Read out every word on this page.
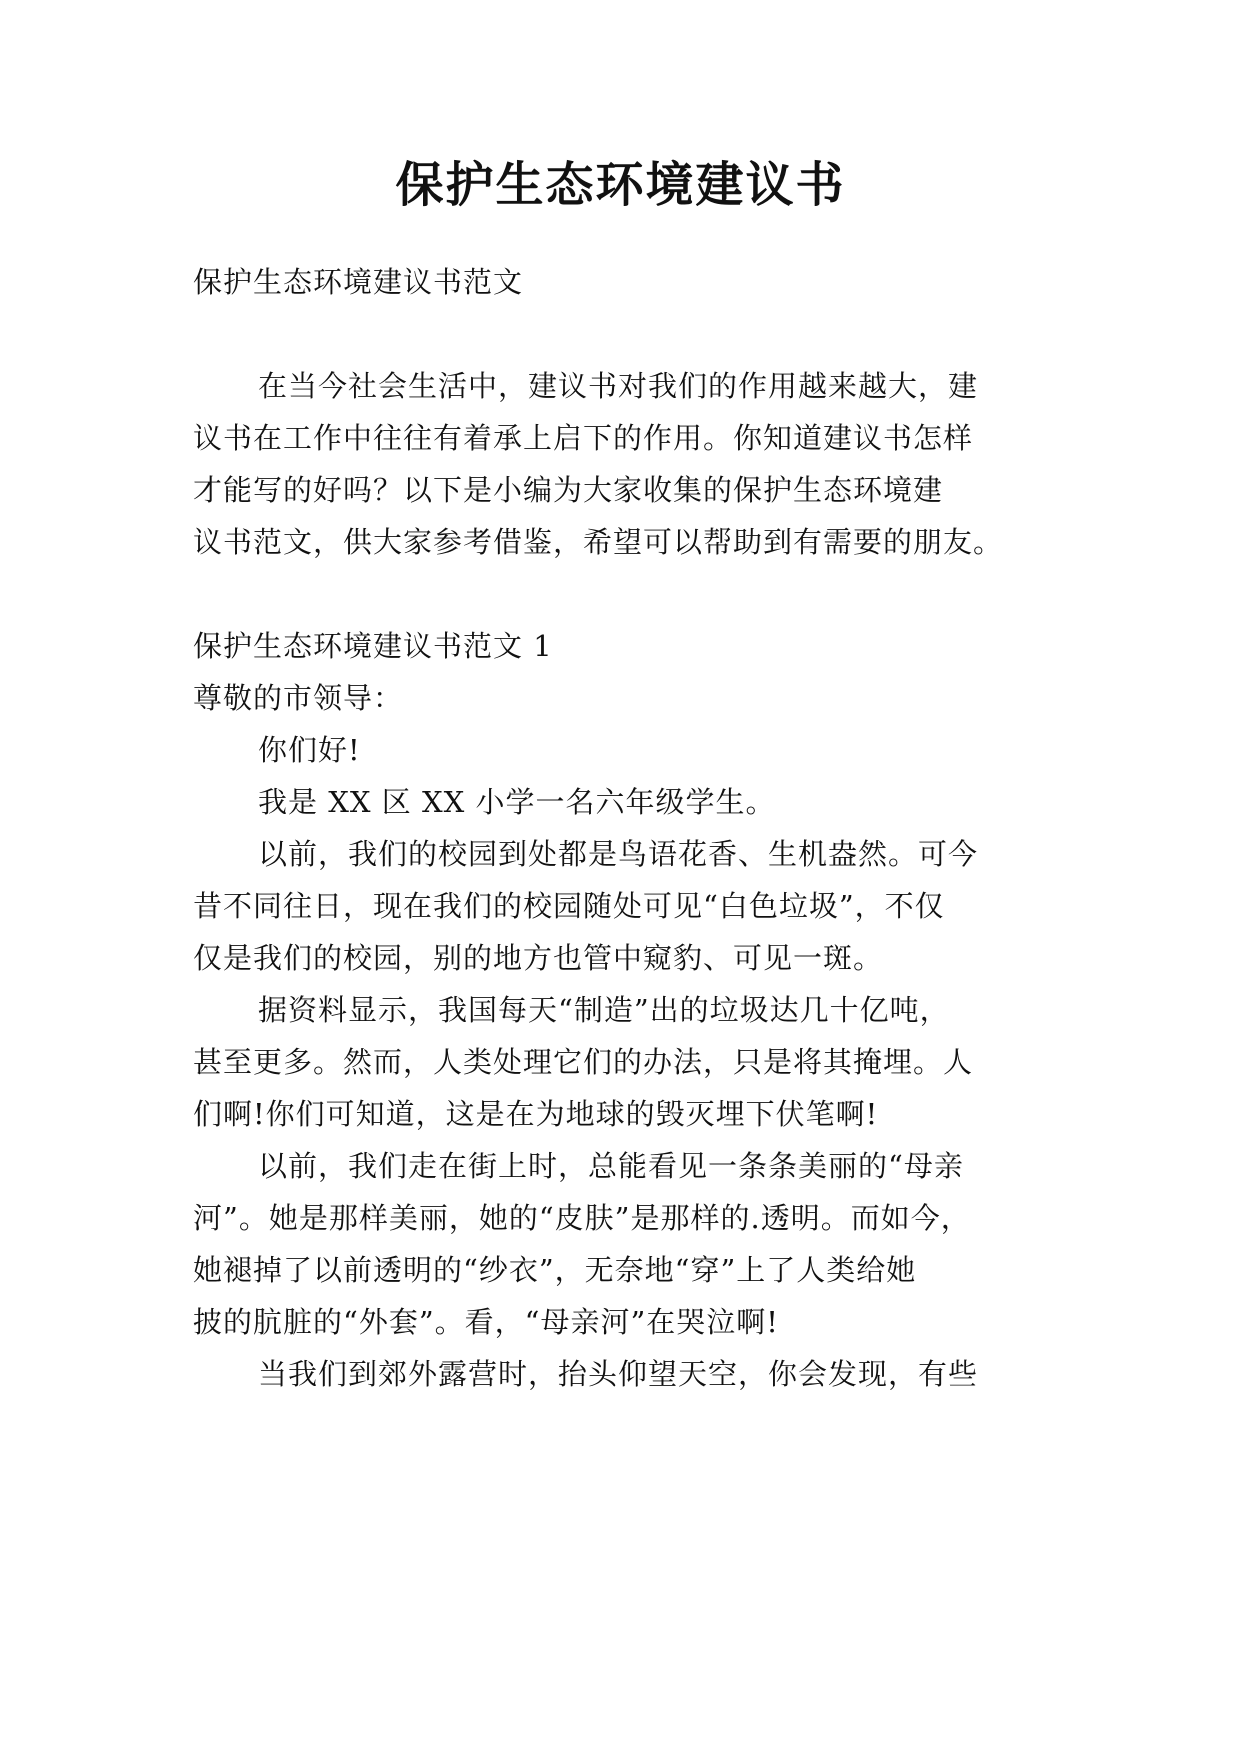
保护生态环境建议书
保护生态环境建议书范文
在当今社会生活中，建议书对我们的作用越来越大，建
议书在工作中往往有着承上启下的作用。你知道建议书怎样
才能写的好吗？以下是小编为大家收集的保护生态环境建
议书范文，供大家参考借鉴，希望可以帮助到有需要的朋友。
保护生态环境建议书范文 1
尊敬的市领导：
你们好!
我是 XX 区 XX 小学一名六年级学生。
以前，我们的校园到处都是鸟语花香、生机盎然。可今
昔不同往日，现在我们的校园随处可见“白色垃圾”，不仅
仅是我们的校园，别的地方也管中窥豹、可见一斑。
据资料显示，我国每天“制造”出的垃圾达几十亿吨，
甚至更多。然而，人类处理它们的办法，只是将其掩埋。人
们啊!你们可知道，这是在为地球的毁灭埋下伏笔啊!
以前，我们走在街上时，总能看见一条条美丽的“母亲
河”。她是那样美丽，她的“皮肤”是那样的.透明。而如今，
她褪掉了以前透明的“纱衣”，无奈地“穿”上了人类给她
披的肮脏的“外套”。看，“母亲河”在哭泣啊!
当我们到郊外露营时，抬头仰望天空，你会发现，有些
